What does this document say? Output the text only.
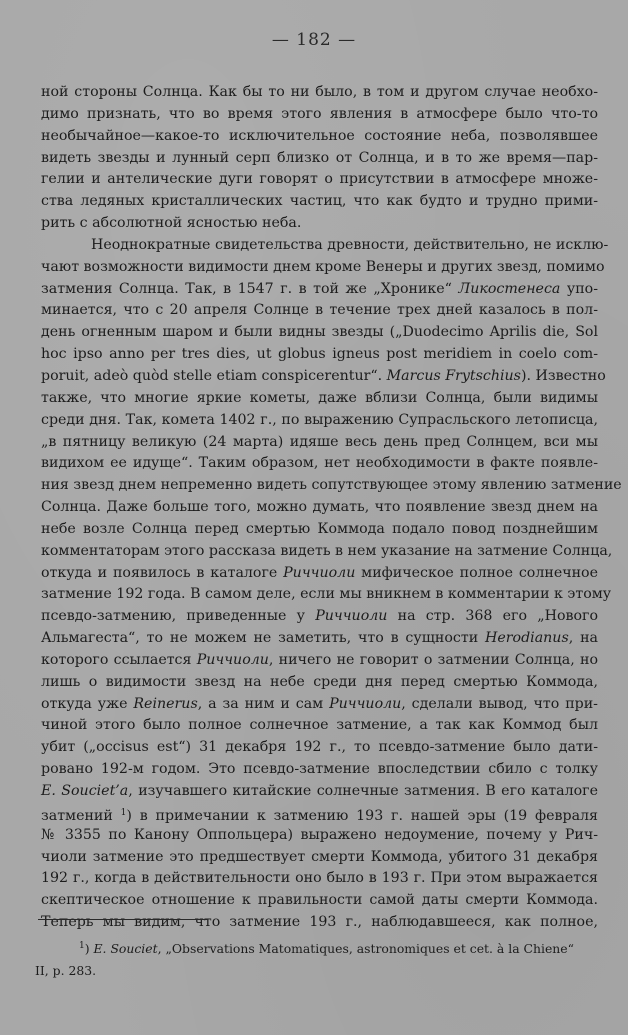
— 182 —
ной стороны Солнца. Как бы то ни было, в том и другом случае необхо-
димо признать, что во время этого явления в атмосфере было что-то
необычайное—какое-то исключительное состояние неба, позволявшее
видеть звезды и лунный серп близко от Солнца, и в то же время—пар-
гелии и антелические дуги говорят о присутствии в атмосфере множе-
ства ледяных кристаллических частиц, что как будто и трудно прими-
рить с абсолютной ясностью неба.
Неоднократные свидетельства древности, действительно, не исклю-
чают возможности видимости днем кроме Венеры и других звезд, помимо
затмения Солнца. Так, в 1547 г. в той же „Хронике“ Ликостенеса упо-
минается, что с 20 апреля Солнце в течение трех дней казалось в пол-
день огненным шаром и были видны звезды („Duodecimo Aprilis die, Sol
hoc ipso anno per tres dies, ut globus igneus post meridiem in coelo com-
poruit, adeò quòd stelle etiam conspicerentur“. Marcus Frytschius). Известно
также, что многие яркие кометы, даже вблизи Солнца, были видимы
среди дня. Так, комета 1402 г., по выражению Супрасльского летописца,
„в пятницу великую (24 марта) идяше весь день пред Солнцем, вси мы
видихом ее идуще“. Таким образом, нет необходимости в факте появле-
ния звезд днем непременно видеть сопутствующее этому явлению затмение
Солнца. Даже больше того, можно думать, что появление звезд днем на
небе возле Солнца перед смертью Коммода подало повод позднейшим
комментаторам этого рассказа видеть в нем указание на затмение Солнца,
откуда и появилось в каталоге Риччиоли мифическое полное солнечное
затмение 192 года. В самом деле, если мы вникнем в комментарии к этому
псевдо-затмению, приведенные у Риччиоли на стр. 368 его „Нового
Альмагеста“, то не можем не заметить, что в сущности Herodianus, на
которого ссылается Риччиоли, ничего не говорит о затмении Солнца, но
лишь о видимости звезд на небе среди дня перед смертью Коммода,
откуда уже Reinerus, а за ним и сам Риччиоли, сделали вывод, что при-
чиной этого было полное солнечное затмение, а так как Коммод был
убит („occisus est“) 31 декабря 192 г., то псевдо-затмение было дати-
ровано 192-м годом. Это псевдо-затмение впоследствии сбило с толку
E. Souciet’a, изучавшего китайские солнечные затмения. В его каталоге
затмений $^1$) в примечании к затмению 193 г. нашей эры (19 февраля
№ 3355 по Канону Оппольцера) выражено недоумение, почему у Рич-
чиоли затмение это предшествует смерти Коммода, убитого 31 декабря
192 г., когда в действительности оно было в 193 г. При этом выражается
скептическое отношение к правильности самой даты смерти Коммода.
Теперь мы видим, что затмение 193 г., наблюдавшееся, как полное,
$^1$) E. Souciet, „Observations Matomatiques, astronomiques et cet. à la Chiene“
II, p. 283.
